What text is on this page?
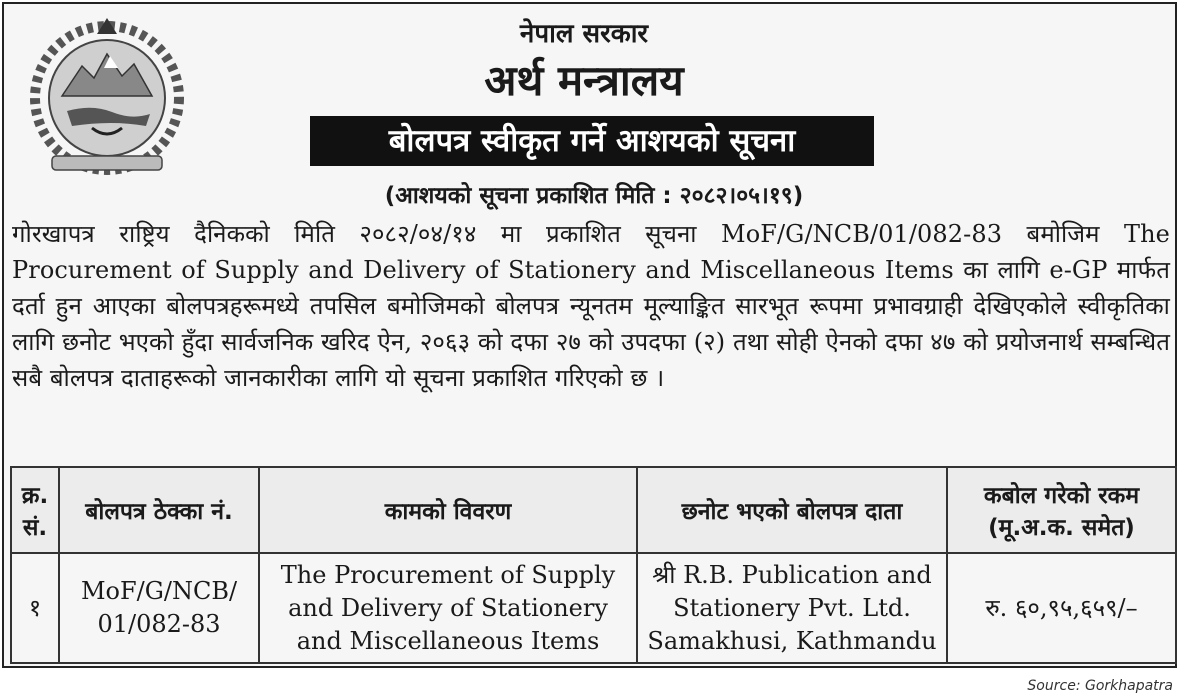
नेपाल सरकार
अर्थ मन्त्रालय
बोलपत्र स्वीकृत गर्ने आशयको सूचना
(आशयको सूचना प्रकाशित मिति : २०८२।०५।१९)
गोरखापत्र राष्ट्रिय दैनिकको मिति २०८२/०४/१४ मा प्रकाशित सूचना MoF/G/NCB/01/082-83 बमोजिम The Procurement of Supply and Delivery of Stationery and Miscellaneous Items का लागि e-GP मार्फत दर्ता हुन आएका बोलपत्रहरूमध्ये तपसिल बमोजिमको बोलपत्र न्यूनतम मूल्याङ्कित सारभूत रूपमा प्रभावग्राही देखिएकोले स्वीकृतिका लागि छनोट भएको हुँदा सार्वजनिक खरिद ऐन, २०६३ को दफा २७ को उपदफा (२) तथा सोही ऐनको दफा ४७ को प्रयोजनार्थ सम्बन्धित सबै बोलपत्र दाताहरूको जानकारीका लागि यो सूचना प्रकाशित गरिएको छ ।
क्र. सं.	बोलपत्र ठेक्का नं.	कामको विवरण	छनोट भएको बोलपत्र दाता	कबोल गरेको रकम (मू.अ.क. समेत)
१	MoF/G/NCB/ 01/082-83	The Procurement of Supply and Delivery of Stationery and Miscellaneous Items	श्री R.B. Publication and Stationery Pvt. Ltd. Samakhusi, Kathmandu	रु. ६०,९५,६५९/–
Source: Gorkhapatra
